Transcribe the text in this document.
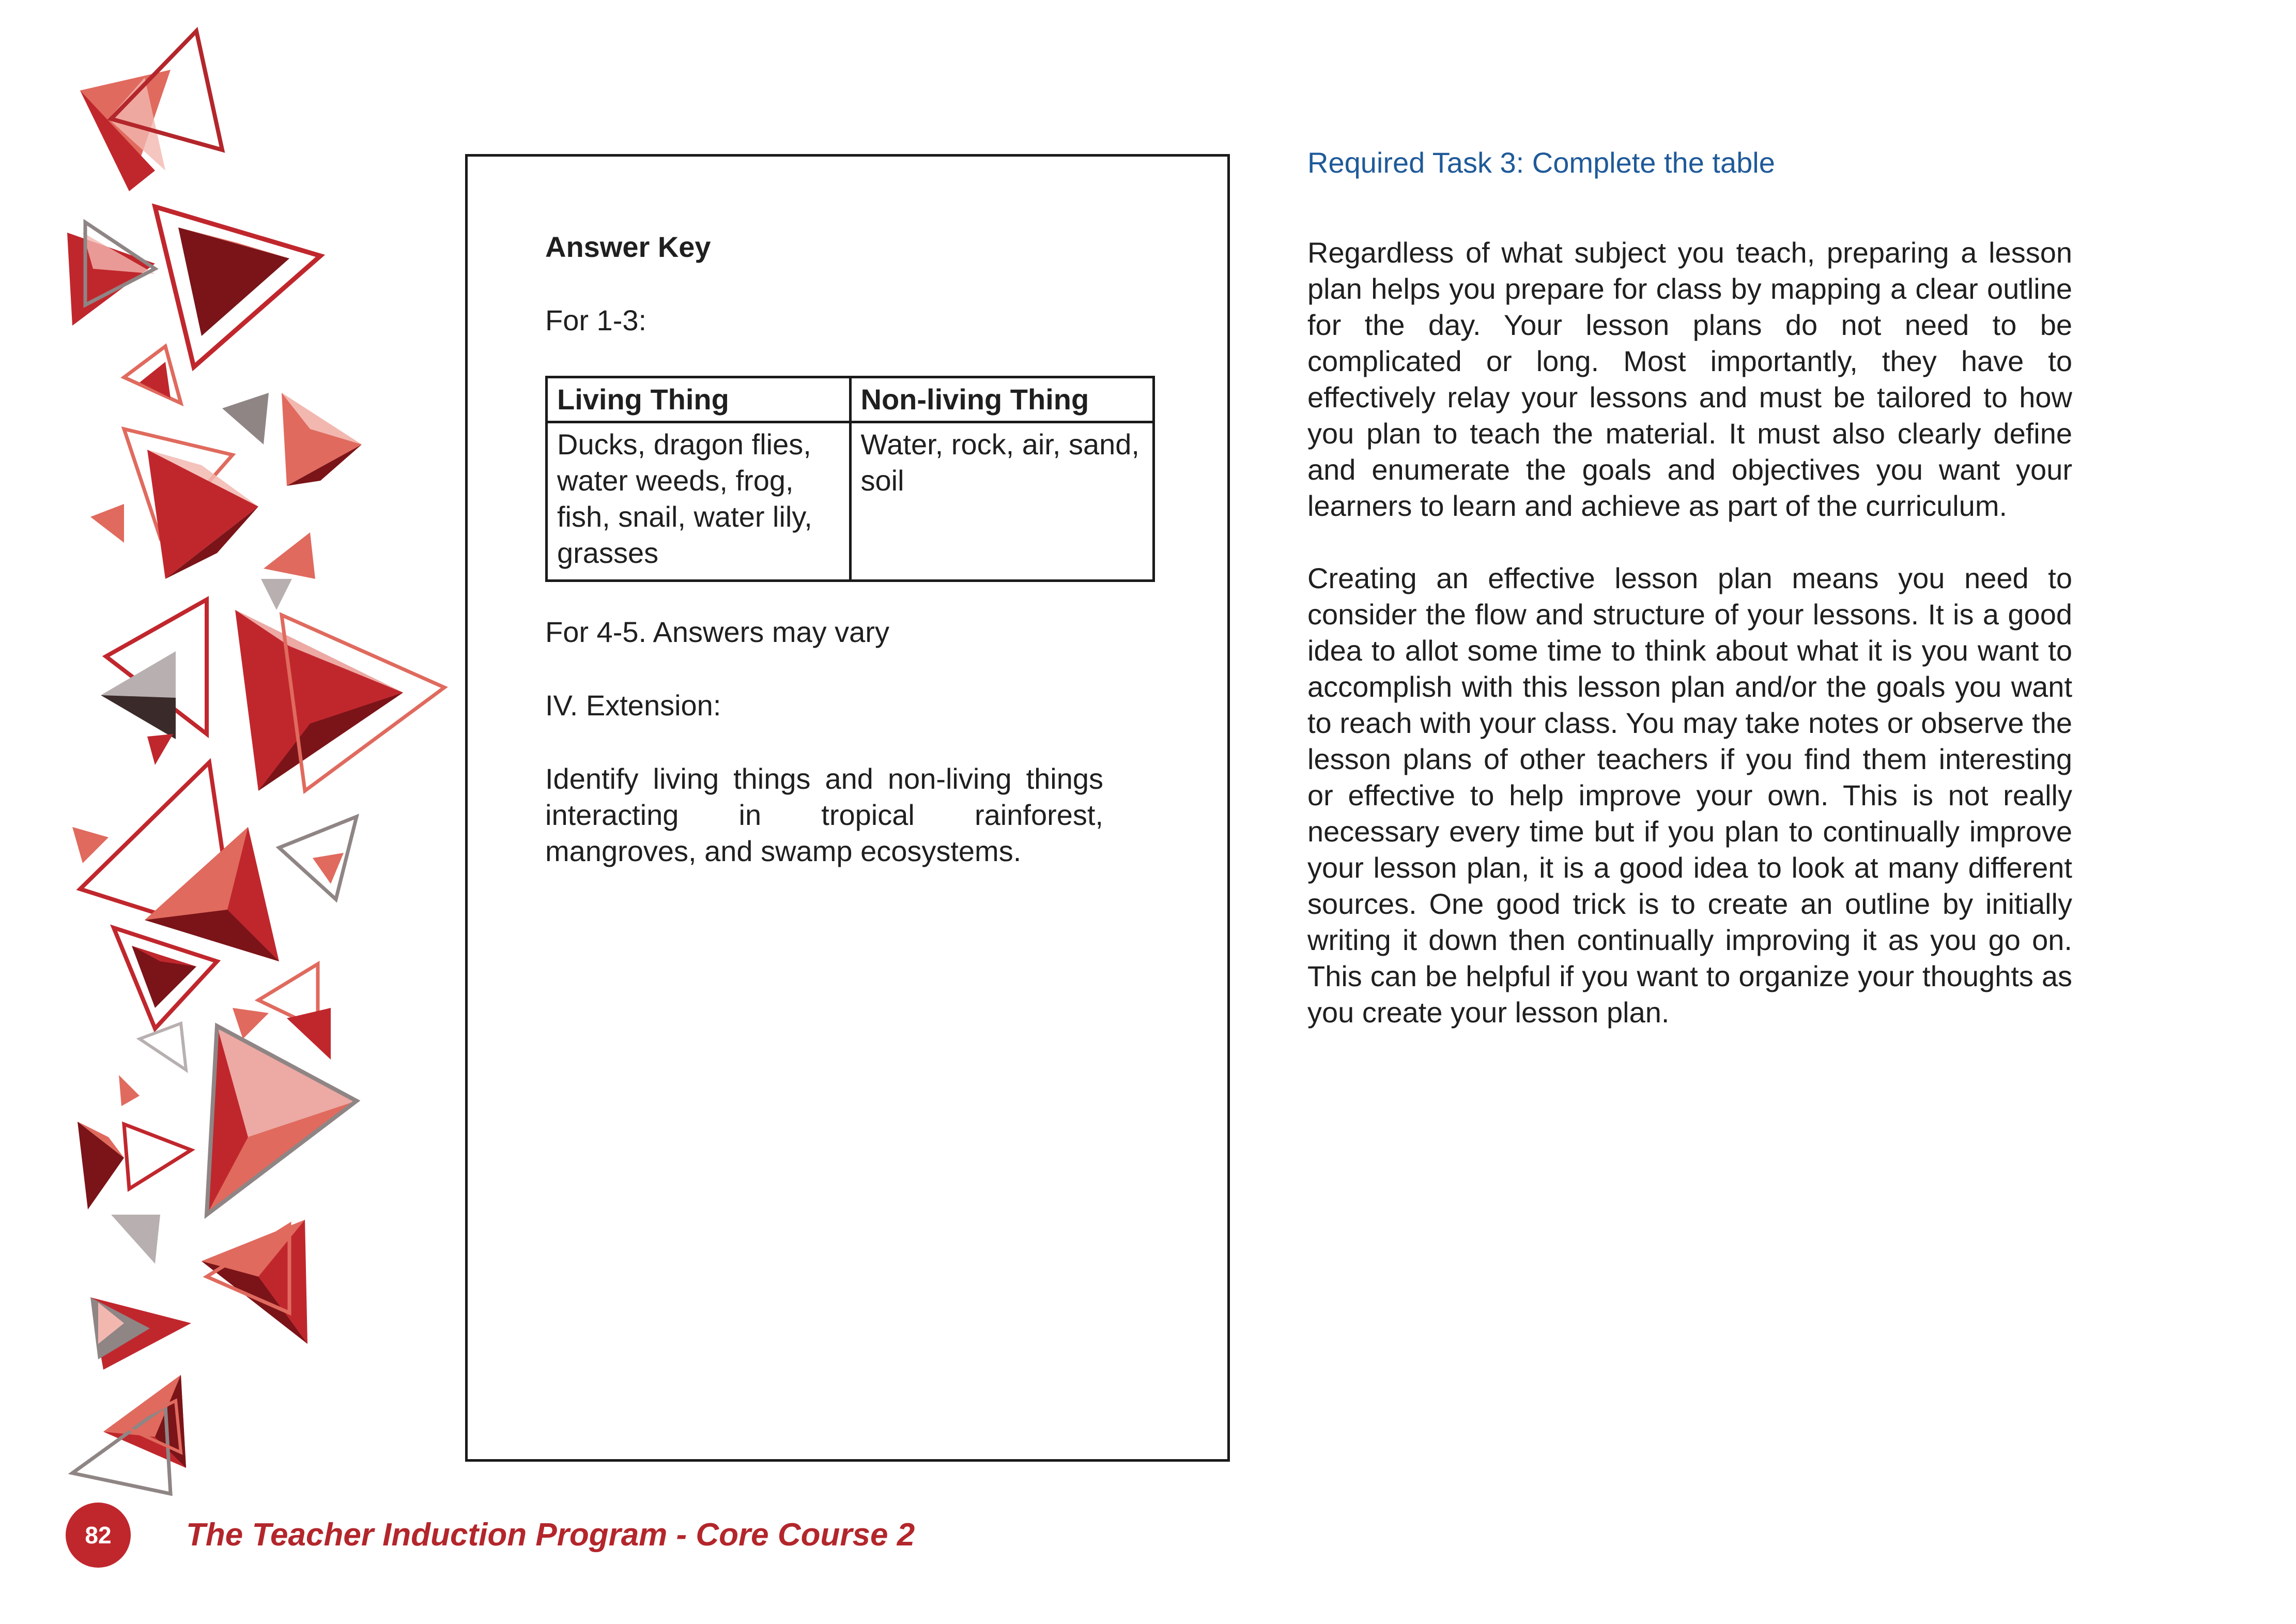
Answer Key
For 1-3:
Living Thing	Non-living Thing
Ducks, dragon flies, water weeds, frog, fish, snail, water lily, grasses	Water, rock, air, sand, soil
For 4-5. Answers may vary
IV. Extension:
Identify living things and non-living things interacting in tropical rainforest, mangroves, and swamp ecosystems.
Required Task 3: Complete the table

Regardless of what subject you teach, preparing a lesson plan helps you prepare for class by mapping a clear outline for the day. Your lesson plans do not need to be complicated or long. Most importantly, they have to effectively relay your lessons and must be tailored to how you plan to teach the material. It must also clearly define and enumerate the goals and objectives you want your learners to learn and achieve as part of the curriculum.

Creating an effective lesson plan means you need to consider the flow and structure of your lessons. It is a good idea to allot some time to think about what it is you want to accomplish with this lesson plan and/or the goals you want to reach with your class. You may take notes or observe the lesson plans of other teachers if you find them interesting or effective to help improve your own. This is not really necessary every time but if you plan to continually improve your lesson plan, it is a good idea to look at many different sources. One good trick is to create an outline by initially writing it down then continually improving it as you go on. This can be helpful if you want to organize your thoughts as you create your lesson plan.

82	The Teacher Induction Program - Core Course 2
